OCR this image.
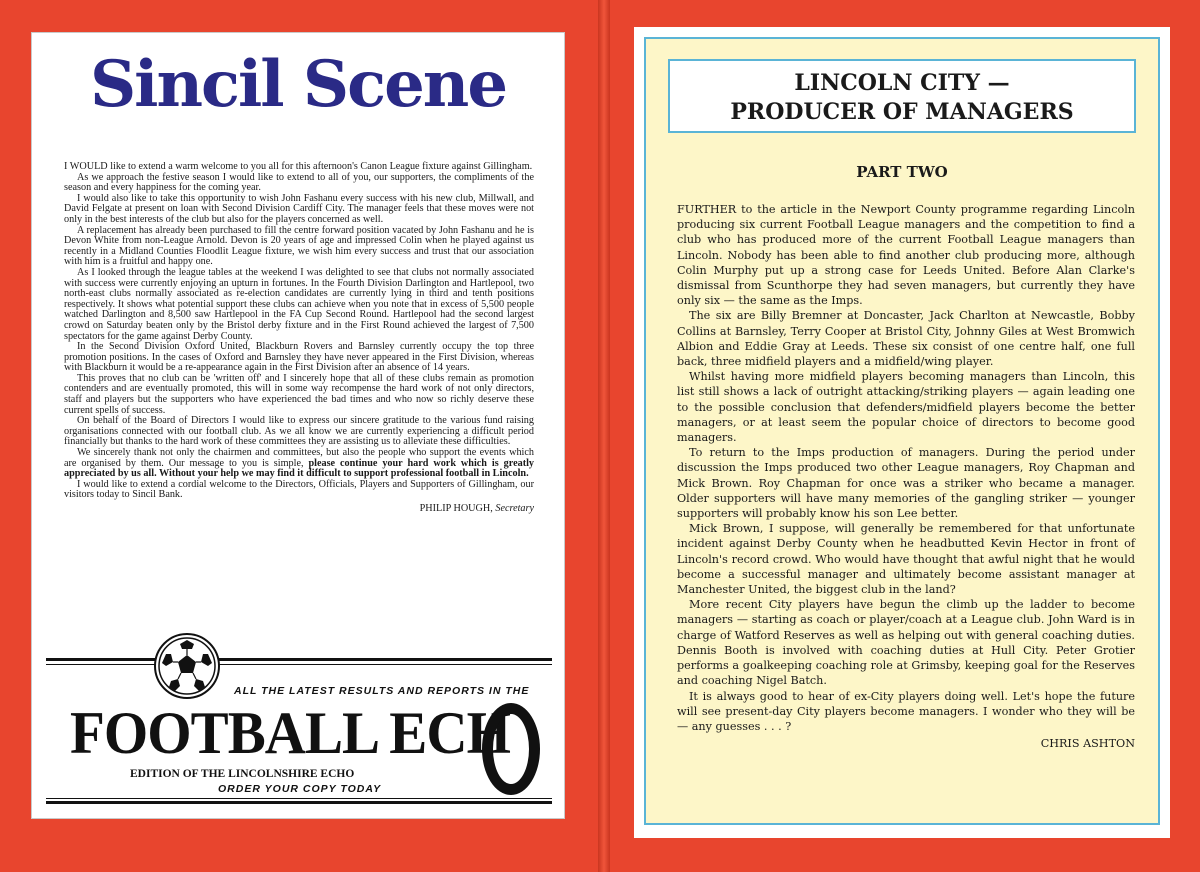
Sincil Scene

I WOULD like to extend a warm welcome to you all for this afternoon's Canon League fixture against Gillingham.

As we approach the festive season I would like to extend to all of you, our supporters, the compliments of the season and every happiness for the coming year.

I would also like to take this opportunity to wish John Fashanu every success with his new club, Millwall, and David Felgate at present on loan with Second Division Cardiff City. The manager feels that these moves were not only in the best interests of the club but also for the players concerned as well.

A replacement has already been purchased to fill the centre forward position vacated by John Fashanu and he is Devon White from non-League Arnold. Devon is 20 years of age and impressed Colin when he played against us recently in a Midland Counties Floodlit League fixture, we wish him every success and trust that our association with him is a fruitful and happy one.

As I looked through the league tables at the weekend I was delighted to see that clubs not normally associated with success were currently enjoying an upturn in fortunes. In the Fourth Division Darlington and Hartlepool, two north-east clubs normally associated as re-election candidates are currently lying in third and tenth positions respectively. It shows what potential support these clubs can achieve when you note that in excess of 5,500 people watched Darlington and 8,500 saw Hartlepool in the FA Cup Second Round. Hartlepool had the second largest crowd on Saturday beaten only by the Bristol derby fixture and in the First Round achieved the largest of 7,500 spectators for the game against Derby County.

In the Second Division Oxford United, Blackburn Rovers and Barnsley currently occupy the top three promotion positions. In the cases of Oxford and Barnsley they have never appeared in the First Division, whereas with Blackburn it would be a re-appearance again in the First Division after an absence of 14 years.

This proves that no club can be 'written off' and I sincerely hope that all of these clubs remain as promotion contenders and are eventually promoted, this will in some way recompense the hard work of not only directors, staff and players but the supporters who have experienced the bad times and who now so richly deserve these current spells of success.

On behalf of the Board of Directors I would like to express our sincere gratitude to the various fund raising organisations connected with our football club. As we all know we are currently experiencing a difficult period financially but thanks to the hard work of these committees they are assisting us to alleviate these difficulties.

We sincerely thank not only the chairmen and committees, but also the people who support the events which are organised by them. Our message to you is simple, please continue your hard work which is greatly appreciated by us all. Without your help we may find it difficult to support professional football in Lincoln.

I would like to extend a cordial welcome to the Directors, Officials, Players and Supporters of Gillingham, our visitors today to Sincil Bank.

PHILIP HOUGH, Secretary
ALL THE LATEST RESULTS AND REPORTS IN THE
FOOTBALL ECH
EDITION OF THE LINCOLNSHIRE ECHO
ORDER YOUR COPY TODAY
LINCOLN CITY —
PRODUCER OF MANAGERS
PART TWO

FURTHER to the article in the Newport County programme regarding Lincoln producing six current Football League managers and the competition to find a club who has produced more of the current Football League managers than Lincoln. Nobody has been able to find another club producing more, although Colin Murphy put up a strong case for Leeds United. Before Alan Clarke's dismissal from Scunthorpe they had seven managers, but currently they have only six — the same as the Imps.

The six are Billy Bremner at Doncaster, Jack Charlton at Newcastle, Bobby Collins at Barnsley, Terry Cooper at Bristol City, Johnny Giles at West Bromwich Albion and Eddie Gray at Leeds. These six consist of one centre half, one full back, three midfield players and a midfield/wing player.

Whilst having more midfield players becoming managers than Lincoln, this list still shows a lack of outright attacking/striking players — again leading one to the possible conclusion that defenders/midfield players become the better managers, or at least seem the popular choice of directors to become good managers.

To return to the Imps production of managers. During the period under discussion the Imps produced two other League managers, Roy Chapman and Mick Brown. Roy Chapman for once was a striker who became a manager. Older supporters will have many memories of the gangling striker — younger supporters will probably know his son Lee better.

Mick Brown, I suppose, will generally be remembered for that unfortunate incident against Derby County when he headbutted Kevin Hector in front of Lincoln's record crowd. Who would have thought that awful night that he would become a successful manager and ultimately become assistant manager at Manchester United, the biggest club in the land?

More recent City players have begun the climb up the ladder to become managers — starting as coach or player/coach at a League club. John Ward is in charge of Watford Reserves as well as helping out with general coaching duties. Dennis Booth is involved with coaching duties at Hull City. Peter Grotier performs a goalkeeping coaching role at Grimsby, keeping goal for the Reserves and coaching Nigel Batch.

It is always good to hear of ex-City players doing well. Let's hope the future will see present-day City players become managers. I wonder who they will be — any guesses . . . ?

CHRIS ASHTON
